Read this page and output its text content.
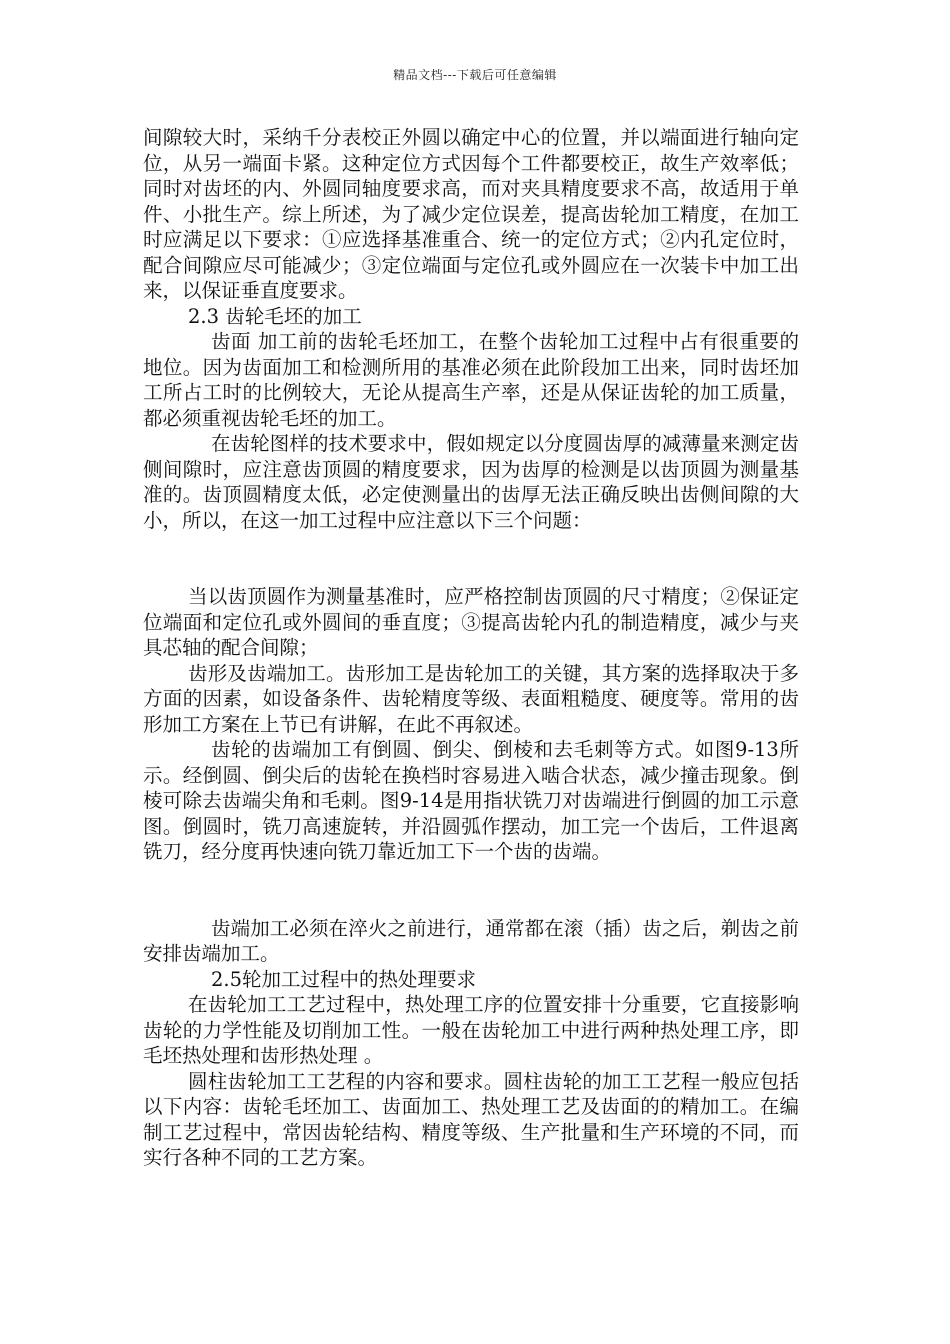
精品文档---下载后可任意编辑

间隙较大时，采纳千分表校正外圆以确定中心的位置，并以端面进行轴向定位，从另一端面卡紧。这种定位方式因每个工件都要校正，故生产效率低；同时对齿坯的内、外圆同轴度要求高，而对夹具精度要求不高，故适用于单件、小批生产。综上所述，为了减少定位误差，提高齿轮加工精度，在加工时应满足以下要求：①应选择基准重合、统一的定位方式；②内孔定位时，配合间隙应尽可能减少；③定位端面与定位孔或外圆应在一次装卡中加工出来，以保证垂直度要求。

2.3 齿轮毛坯的加工

齿面 加工前的齿轮毛坯加工，在整个齿轮加工过程中占有很重要的地位。因为齿面加工和检测所用的基准必须在此阶段加工出来，同时齿坯加工所占工时的比例较大，无论从提高生产率，还是从保证齿轮的加工质量，都必须重视齿轮毛坯的加工。

在齿轮图样的技术要求中，假如规定以分度圆齿厚的减薄量来测定齿侧间隙时，应注意齿顶圆的精度要求，因为齿厚的检测是以齿顶圆为测量基准的。齿顶圆精度太低，必定使测量出的齿厚无法正确反映出齿侧间隙的大小，所以，在这一加工过程中应注意以下三个问题：

当以齿顶圆作为测量基准时，应严格控制齿顶圆的尺寸精度；②保证定位端面和定位孔或外圆间的垂直度；③提高齿轮内孔的制造精度，减少与夹具芯轴的配合间隙；

齿形及齿端加工。齿形加工是齿轮加工的关键，其方案的选择取决于多方面的因素，如设备条件、齿轮精度等级、表面粗糙度、硬度等。常用的齿形加工方案在上节已有讲解，在此不再叙述。

齿轮的齿端加工有倒圆、倒尖、倒棱和去毛刺等方式。如图9-13所示。经倒圆、倒尖后的齿轮在换档时容易进入啮合状态，减少撞击现象。倒棱可除去齿端尖角和毛刺。图9-14是用指状铣刀对齿端进行倒圆的加工示意图。倒圆时，铣刀高速旋转，并沿圆弧作摆动，加工完一个齿后，工件退离铣刀，经分度再快速向铣刀靠近加工下一个齿的齿端。

齿端加工必须在淬火之前进行，通常都在滚（插）齿之后，剃齿之前安排齿端加工。

2.5轮加工过程中的热处理要求

在齿轮加工工艺过程中，热处理工序的位置安排十分重要，它直接影响齿轮的力学性能及切削加工性。一般在齿轮加工中进行两种热处理工序，即毛坯热处理和齿形热处理 。

圆柱齿轮加工工艺程的内容和要求。圆柱齿轮的加工工艺程一般应包括以下内容：齿轮毛坯加工、齿面加工、热处理工艺及齿面的的精加工。在编制工艺过程中，常因齿轮结构、精度等级、生产批量和生产环境的不同，而实行各种不同的工艺方案。
